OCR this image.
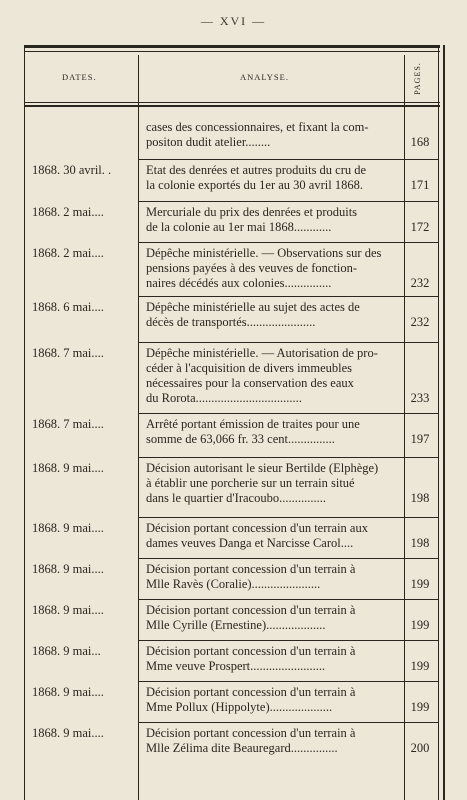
— XVI —
DATES.	ANALYSE.	PAGES.
cases des concessionnaires, et fixant la com-
positon dudit atelier........	168
1868. 30 avril. .	Etat des denrées et autres produits du cru de
la colonie exportés du 1er au 30 avril 1868.	171
1868. 2 mai....	Mercuriale du prix des denrées et produits
de la colonie au 1er mai 1868............	172
1868. 2 mai....	Dépêche ministérielle. — Observations sur des
pensions payées à des veuves de fonction-
naires décédés aux colonies...............	232
1868. 6 mai....	Dépêche ministérielle au sujet des actes de
décès de transportés......................	232
1868. 7 mai....	Dépêche ministérielle. — Autorisation de pro-
céder à l'acquisition de divers immeubles
nécessaires pour la conservation des eaux
du Rorota..................................	233
1868. 7 mai....	Arrêté portant émission de traites pour une
somme de 63,066 fr. 33 cent...............	197
1868. 9 mai....	Décision autorisant le sieur Bertilde (Elphège)
à établir une porcherie sur un terrain situé
dans le quartier d'Iracoubo...............	198
1868. 9 mai....	Décision portant concession d'un terrain aux
dames veuves Danga et Narcisse Carol....	198
1868. 9 mai....	Décision portant concession d'un terrain à
Mlle Ravès (Coralie)......................	199
1868. 9 mai....	Décision portant concession d'un terrain à
Mlle Cyrille (Ernestine)...................	199
1868. 9 mai...	Décision portant concession d'un terrain à
Mme veuve Prospert........................	199
1868. 9 mai....	Décision portant concession d'un terrain à
Mme Pollux (Hippolyte)....................	199
1868. 9 mai....	Décision portant concession d'un terrain à
Mlle Zélima dite Beauregard...............	200
